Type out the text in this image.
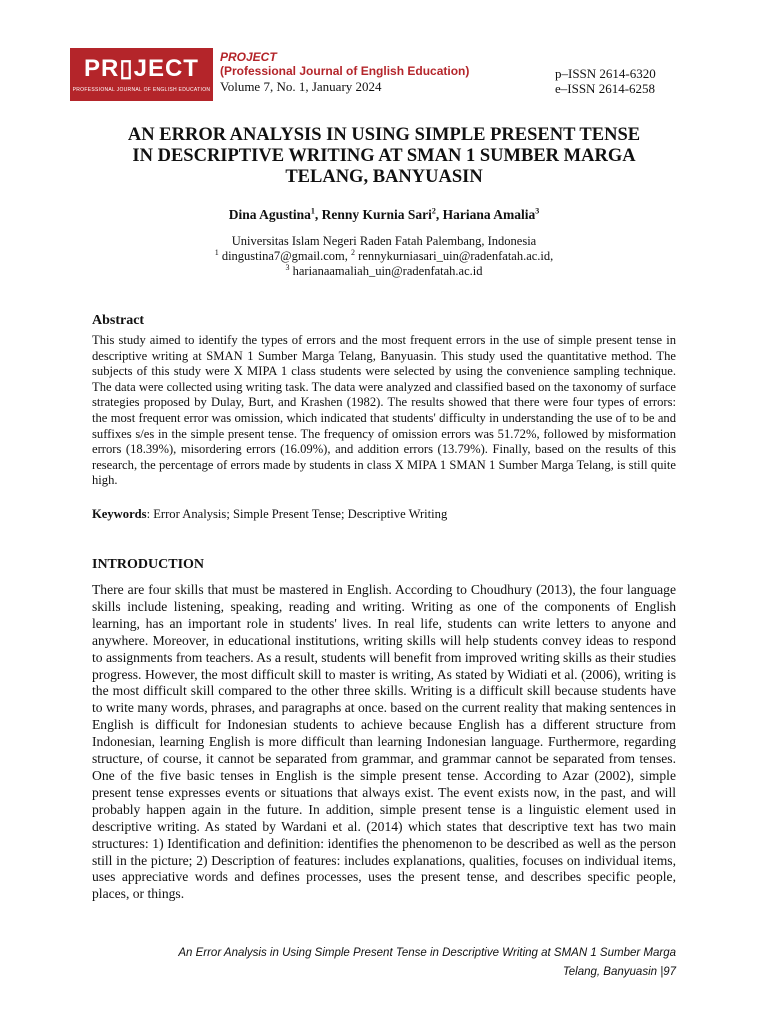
PR▯JECT
PROFESSIONAL JOURNAL OF ENGLISH EDUCATION
PROJECT
(Professional Journal of English Education)
Volume 7, No. 1, January 2024
p–ISSN 2614-6320
e–ISSN 2614-6258
AN ERROR ANALYSIS IN USING SIMPLE PRESENT TENSE
IN DESCRIPTIVE WRITING AT SMAN 1 SUMBER MARGA
TELANG, BANYUASIN
Dina Agustina$^1$, Renny Kurnia Sari$^2$, Hariana Amalia$^3$
Universitas Islam Negeri Raden Fatah Palembang, Indonesia
$^1$ dingustina7@gmail.com, $^2$ rennykurniasari_uin@radenfatah.ac.id,
$^3$ harianaamaliah_uin@radenfatah.ac.id
Abstract
This study aimed to identify the types of errors and the most frequent errors in the use of simple present tense in descriptive writing at SMAN 1 Sumber Marga Telang, Banyuasin. This study used the quantitative method. The subjects of this study were X MIPA 1 class students were selected by using the convenience sampling technique. The data were collected using writing task. The data were analyzed and classified based on the taxonomy of surface strategies proposed by Dulay, Burt, and Krashen (1982). The results showed that there were four types of errors: the most frequent error was omission, which indicated that students' difficulty in understanding the use of to be and suffixes s/es in the simple present tense. The frequency of omission errors was 51.72%, followed by misformation errors (18.39%), misordering errors (16.09%), and addition errors (13.79%). Finally, based on the results of this research, the percentage of errors made by students in class X MIPA 1 SMAN 1 Sumber Marga Telang, is still quite high.
Keywords: Error Analysis; Simple Present Tense; Descriptive Writing
INTRODUCTION
There are four skills that must be mastered in English. According to Choudhury (2013), the four language skills include listening, speaking, reading and writing. Writing as one of the components of English learning, has an important role in students' lives. In real life, students can write letters to anyone and anywhere. Moreover, in educational institutions, writing skills will help students convey ideas to respond to assignments from teachers. As a result, students will benefit from improved writing skills as their studies progress. However, the most difficult skill to master is writing, As stated by Widiati et al. (2006), writing is the most difficult skill compared to the other three skills. Writing is a difficult skill because students have to write many words, phrases, and paragraphs at once. based on the current reality that making sentences in English is difficult for Indonesian students to achieve because English has a different structure from Indonesian, learning English is more difficult than learning Indonesian language. Furthermore, regarding structure, of course, it cannot be separated from grammar, and grammar cannot be separated from tenses. One of the five basic tenses in English is the simple present tense. According to Azar (2002), simple present tense expresses events or situations that always exist. The event exists now, in the past, and will probably happen again in the future. In addition, simple present tense is a linguistic element used in descriptive writing. As stated by Wardani et al. (2014) which states that descriptive text has two main structures: 1) Identification and definition: identifies the phenomenon to be described as well as the person still in the picture; 2) Description of features: includes explanations, qualities, focuses on individual items, uses appreciative words and defines processes, uses the present tense, and describes specific people, places, or things.
An Error Analysis in Using Simple Present Tense in Descriptive Writing at SMAN 1 Sumber Marga
Telang, Banyuasin |97
